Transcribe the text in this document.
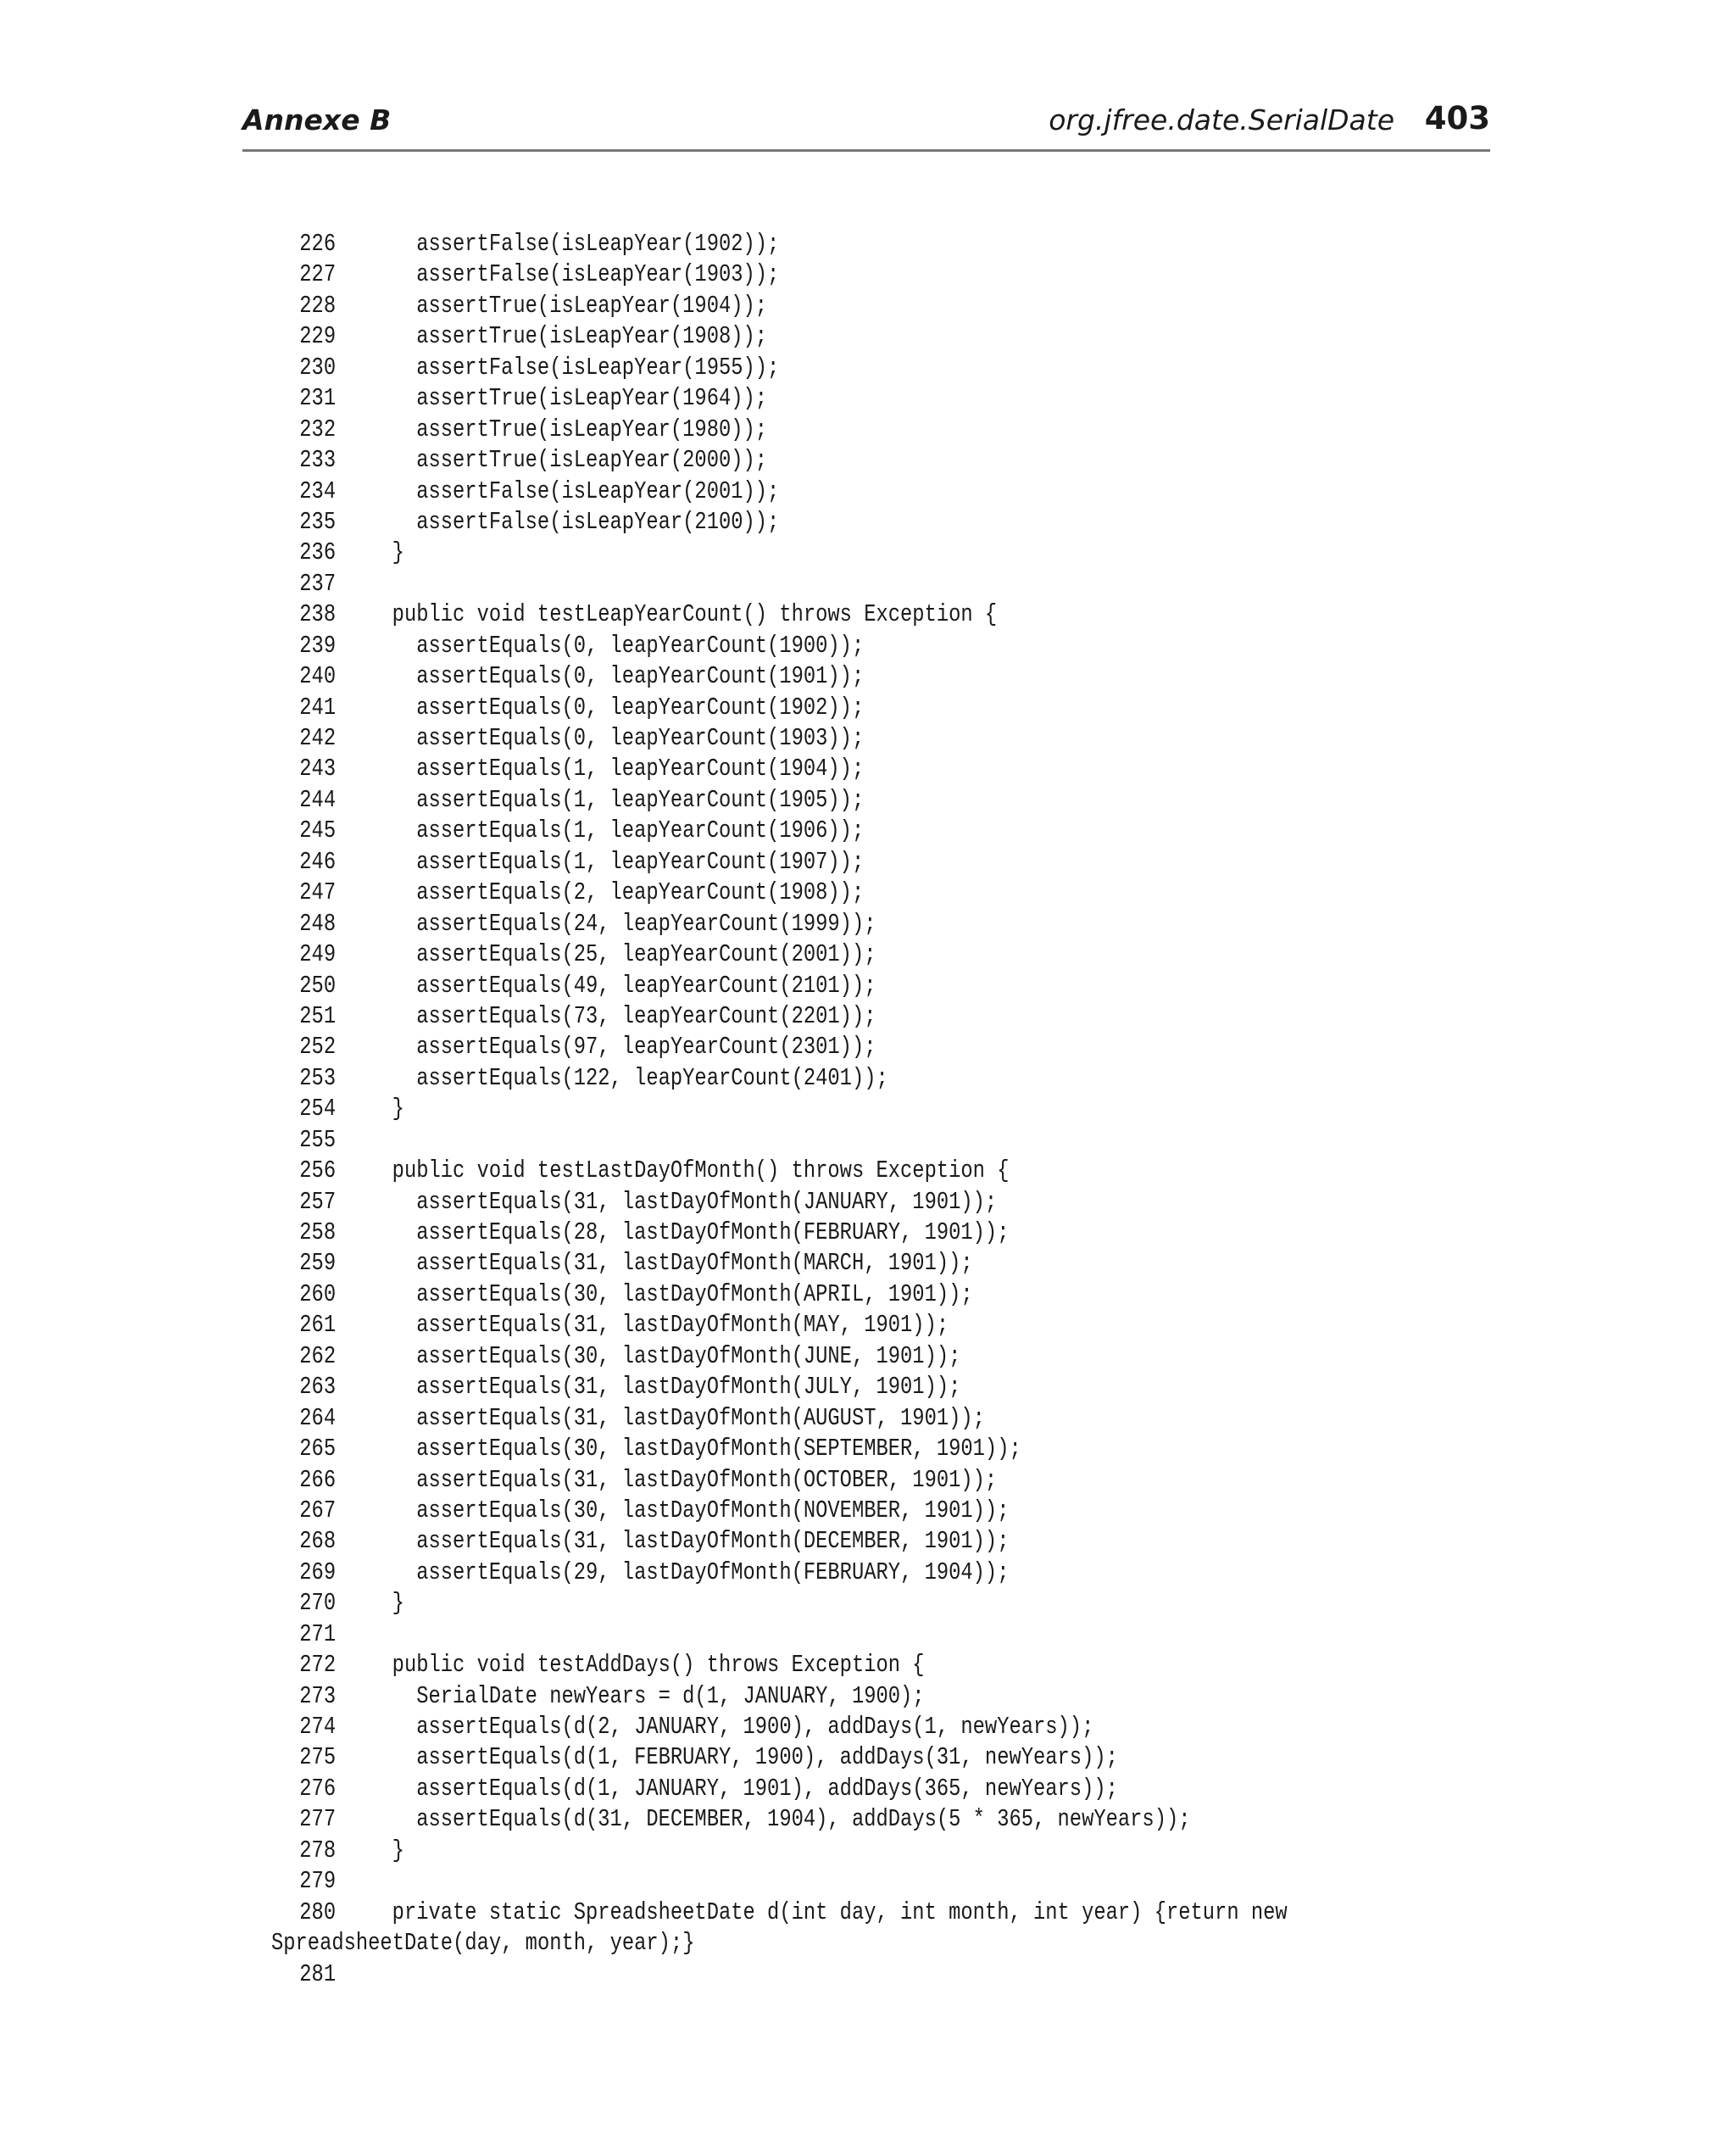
Annexe B	org.jfree.date.SerialDate 403
226    assertFalse(isLeapYear(1902));
227    assertFalse(isLeapYear(1903));
228    assertTrue(isLeapYear(1904));
229    assertTrue(isLeapYear(1908));
230    assertFalse(isLeapYear(1955));
231    assertTrue(isLeapYear(1964));
232    assertTrue(isLeapYear(1980));
233    assertTrue(isLeapYear(2000));
234    assertFalse(isLeapYear(2001));
235    assertFalse(isLeapYear(2100));
236  }
237
238  public void testLeapYearCount() throws Exception {
239    assertEquals(0, leapYearCount(1900));
240    assertEquals(0, leapYearCount(1901));
241    assertEquals(0, leapYearCount(1902));
242    assertEquals(0, leapYearCount(1903));
243    assertEquals(1, leapYearCount(1904));
244    assertEquals(1, leapYearCount(1905));
245    assertEquals(1, leapYearCount(1906));
246    assertEquals(1, leapYearCount(1907));
247    assertEquals(2, leapYearCount(1908));
248    assertEquals(24, leapYearCount(1999));
249    assertEquals(25, leapYearCount(2001));
250    assertEquals(49, leapYearCount(2101));
251    assertEquals(73, leapYearCount(2201));
252    assertEquals(97, leapYearCount(2301));
253    assertEquals(122, leapYearCount(2401));
254  }
255
256  public void testLastDayOfMonth() throws Exception {
257    assertEquals(31, lastDayOfMonth(JANUARY, 1901));
258    assertEquals(28, lastDayOfMonth(FEBRUARY, 1901));
259    assertEquals(31, lastDayOfMonth(MARCH, 1901));
260    assertEquals(30, lastDayOfMonth(APRIL, 1901));
261    assertEquals(31, lastDayOfMonth(MAY, 1901));
262    assertEquals(30, lastDayOfMonth(JUNE, 1901));
263    assertEquals(31, lastDayOfMonth(JULY, 1901));
264    assertEquals(31, lastDayOfMonth(AUGUST, 1901));
265    assertEquals(30, lastDayOfMonth(SEPTEMBER, 1901));
266    assertEquals(31, lastDayOfMonth(OCTOBER, 1901));
267    assertEquals(30, lastDayOfMonth(NOVEMBER, 1901));
268    assertEquals(31, lastDayOfMonth(DECEMBER, 1901));
269    assertEquals(29, lastDayOfMonth(FEBRUARY, 1904));
270  }
271
272  public void testAddDays() throws Exception {
273    SerialDate newYears = d(1, JANUARY, 1900);
274    assertEquals(d(2, JANUARY, 1900), addDays(1, newYears));
275    assertEquals(d(1, FEBRUARY, 1900), addDays(31, newYears));
276    assertEquals(d(1, JANUARY, 1901), addDays(365, newYears));
277    assertEquals(d(31, DECEMBER, 1904), addDays(5 * 365, newYears));
278  }
279
280  private static SpreadsheetDate d(int day, int month, int year) {return new
SpreadsheetDate(day, month, year);}
281
